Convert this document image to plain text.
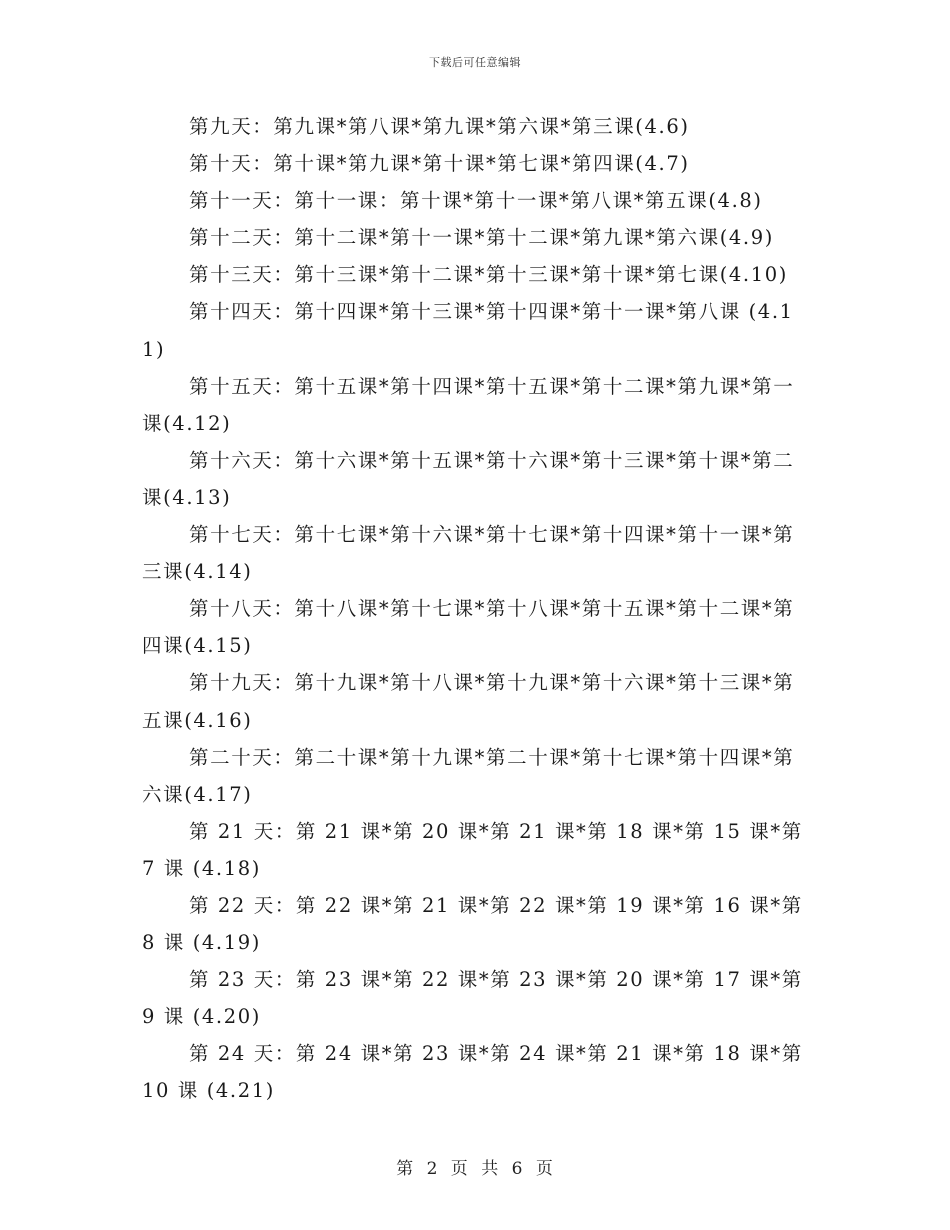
下载后可任意编辑

第九天：第九课*第八课*第九课*第六课*第三课(4.6)

第十天：第十课*第九课*第十课*第七课*第四课(4.7)

第十一天：第十一课：第十课*第十一课*第八课*第五课(4.8)

第十二天：第十二课*第十一课*第十二课*第九课*第六课(4.9)

第十三天：第十三课*第十二课*第十三课*第十课*第七课(4.10)

第十四天：第十四课*第十三课*第十四课*第十一课*第八课 (4.11)

第十五天：第十五课*第十四课*第十五课*第十二课*第九课*第一课(4.12)

第十六天：第十六课*第十五课*第十六课*第十三课*第十课*第二课(4.13)

第十七天：第十七课*第十六课*第十七课*第十四课*第十一课*第三课(4.14)

第十八天：第十八课*第十七课*第十八课*第十五课*第十二课*第四课(4.15)

第十九天：第十九课*第十八课*第十九课*第十六课*第十三课*第五课(4.16)

第二十天：第二十课*第十九课*第二十课*第十七课*第十四课*第六课(4.17)

第 21 天：第 21 课*第 20 课*第 21 课*第 18 课*第 15 课*第 7 课 (4.18)

第 22 天：第 22 课*第 21 课*第 22 课*第 19 课*第 16 课*第 8 课 (4.19)

第 23 天：第 23 课*第 22 课*第 23 课*第 20 课*第 17 课*第 9 课 (4.20)

第 24 天：第 24 课*第 23 课*第 24 课*第 21 课*第 18 课*第 10 课 (4.21)

第 2 页 共 6 页
